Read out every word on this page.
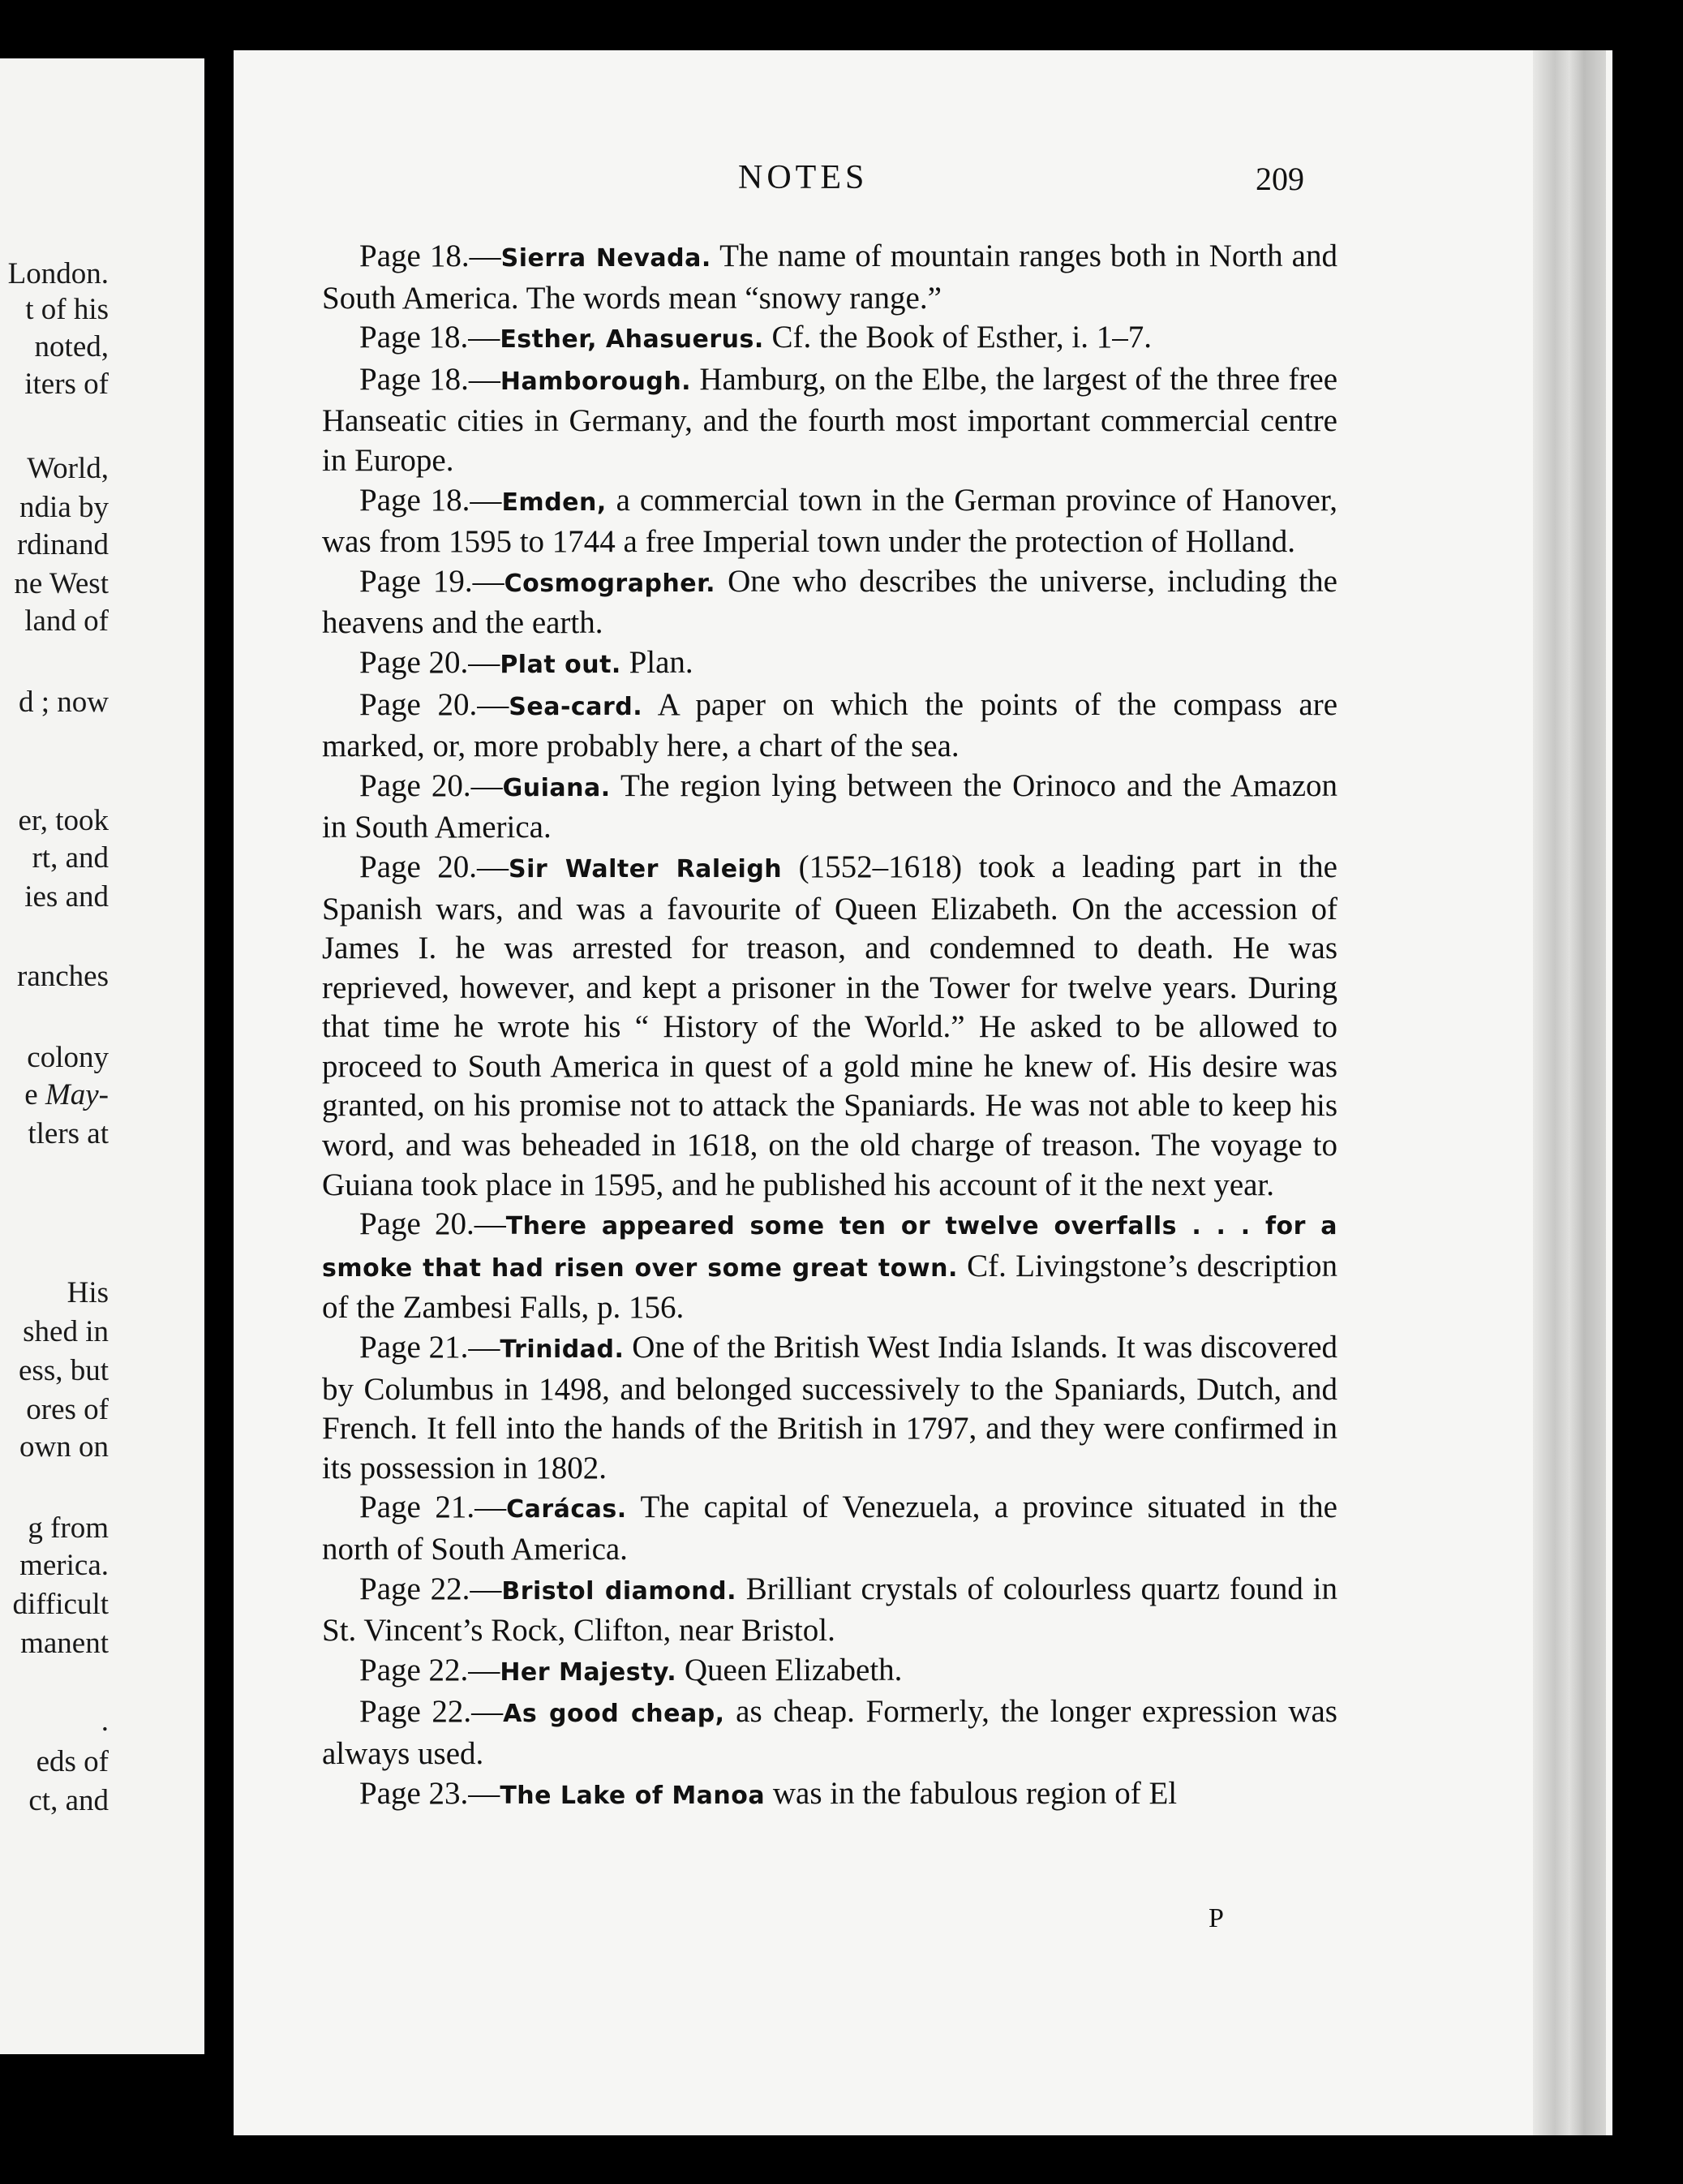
London.
t of his
noted,
iters of
World,
ndia by
rdinand
ne West
land of
d ; now
er, took
rt, and
ies and
ranches
colony
e May-
tlers at
His
shed in
ess, but
ores of
own on
g from
merica.
difficult
manent
.
eds of
ct, and
NOTES	209

Page 18.—Sierra Nevada. The name of mountain ranges both in North and South America. The words mean “snowy range.”

Page 18.—Esther, Ahasuerus. Cf. the Book of Esther, i. 1–7.

Page 18.—Hamborough. Hamburg, on the Elbe, the largest of the three free Hanseatic cities in Germany, and the fourth most important commercial centre in Europe.

Page 18.—Emden, a commercial town in the German province of Hanover, was from 1595 to 1744 a free Imperial town under the protection of Holland.

Page 19.—Cosmographer. One who describes the universe, including the heavens and the earth.

Page 20.—Plat out. Plan.

Page 20.—Sea-card. A paper on which the points of the compass are marked, or, more probably here, a chart of the sea.

Page 20.—Guiana. The region lying between the Orinoco and the Amazon in South America.

Page 20.—Sir Walter Raleigh (1552–1618) took a leading part in the Spanish wars, and was a favourite of Queen Elizabeth. On the accession of James I. he was arrested for treason, and condemned to death. He was reprieved, however, and kept a prisoner in the Tower for twelve years. During that time he wrote his “ History of the World.” He asked to be allowed to proceed to South America in quest of a gold mine he knew of. His desire was granted, on his promise not to attack the Spaniards. He was not able to keep his word, and was beheaded in 1618, on the old charge of treason. The voyage to Guiana took place in 1595, and he published his account of it the next year.

Page 20.—There appeared some ten or twelve overfalls . . . for a smoke that had risen over some great town. Cf. Livingstone’s description of the Zambesi Falls, p. 156.

Page 21.—Trinidad. One of the British West India Islands. It was discovered by Columbus in 1498, and belonged successively to the Spaniards, Dutch, and French. It fell into the hands of the British in 1797, and they were confirmed in its possession in 1802.

Page 21.—Carácas. The capital of Venezuela, a province situated in the north of South America.

Page 22.—Bristol diamond. Brilliant crystals of colourless quartz found in St. Vincent’s Rock, Clifton, near Bristol.

Page 22.—Her Majesty. Queen Elizabeth.

Page 22.—As good cheap, as cheap. Formerly, the longer expression was always used.

Page 23.—The Lake of Manoa was in the fabulous region of El

P
